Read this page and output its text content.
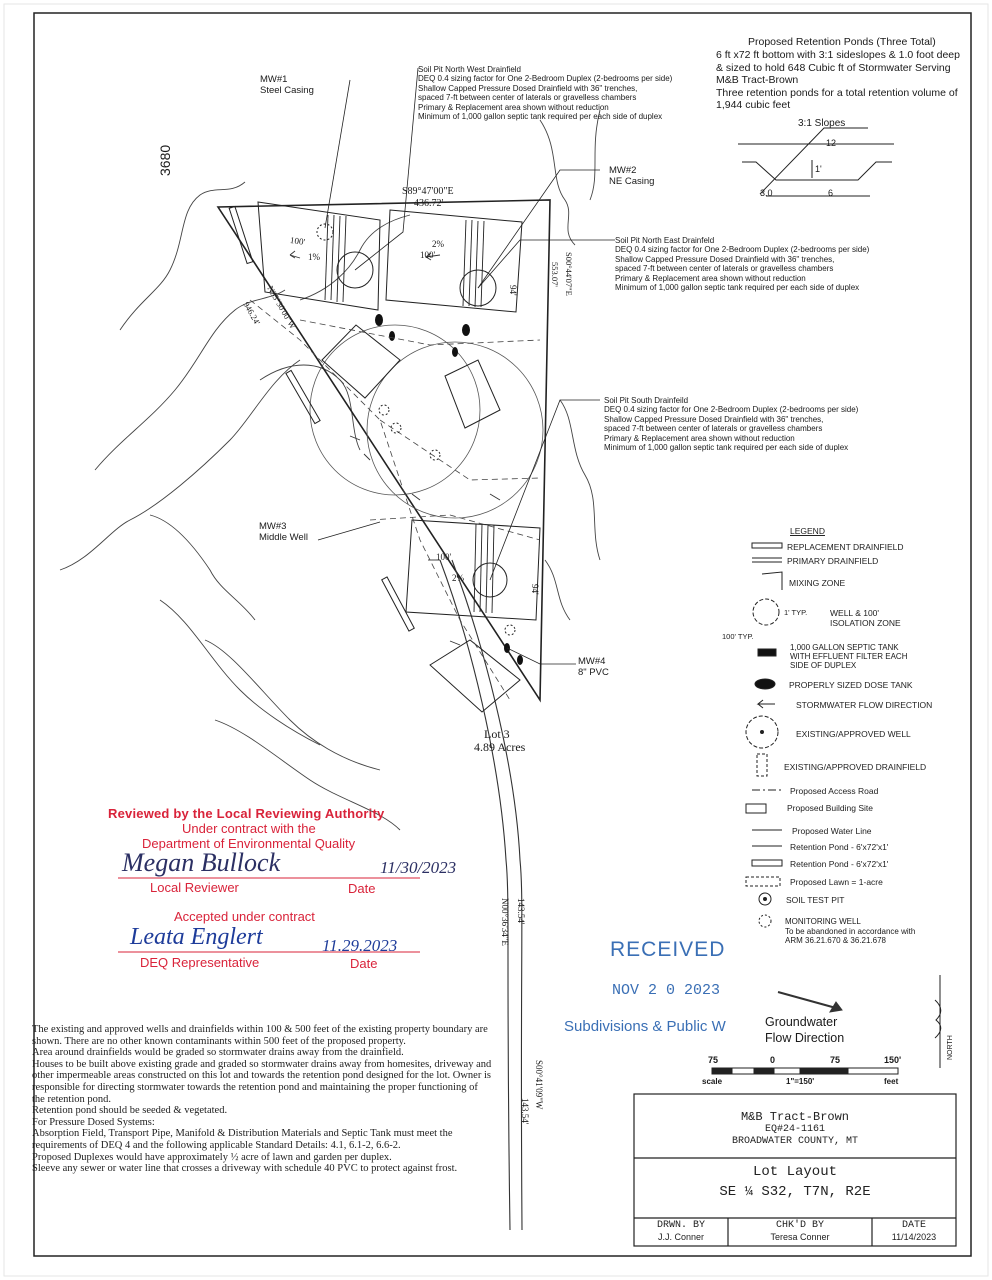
3680
Proposed Retention Ponds (Three Total)
6 ft x72 ft bottom with 3:1 sideslopes & 1.0 foot deep
& sized to hold 648 Cubic ft of Stormwater Serving
M&B Tract-Brown
Three retention ponds for a total retention volume of
1,944 cubic feet
3:1 Slopes
12
1'
3.0	6
MW#1
Steel Casing
MW#2
NE Casing
MW#3
Middle Well
MW#4
8" PVC
Soil Pit North West Drainfield
DEQ 0.4 sizing factor for One 2-Bedroom Duplex (2-bedrooms per side)
Shallow Capped Pressure Dosed Drainfield with 36" trenches,
spaced 7-ft between center of laterals or gravelless chambers
Primary & Replacement area shown without reduction
Minimum of 1,000 gallon septic tank required per each side of duplex
Soil Pit North East Drainfeld
DEQ 0.4 sizing factor for One 2-Bedroom Duplex (2-bedrooms per side)
Shallow Capped Pressure Dosed Drainfield with 36" trenches,
spaced 7-ft between center of laterals or gravelless chambers
Primary & Replacement area shown without reduction
Minimum of 1,000 gallon septic tank required per each side of duplex
Soil Pit South Drainfeild
DEQ 0.4 sizing factor for One 2-Bedroom Duplex (2-bedrooms per side)
Shallow Capped Pressure Dosed Drainfield with 36" trenches,
spaced 7-ft between center of laterals or gravelless chambers
Primary & Replacement area shown without reduction
Minimum of 1,000 gallon septic tank required per each side of duplex
S89°47'00"E
436.72'
N35°30'00"W
946.24'
S00°44'07"E
553.07'
N00°36'34"E 143.54'
S00°41'09"W
143.54'
Lot 3
4.89 Acres
100'
1%	100'
2%
100'
2%
94'
94'
LEGEND
REPLACEMENT DRAINFIELD
PRIMARY DRAINFIELD
MIXING ZONE
1' TYP.	WELL & 100' ISOLATION ZONE
100' TYP.
1,000 GALLON SEPTIC TANK
WITH EFFLUENT FILTER EACH
SIDE OF DUPLEX
PROPERLY SIZED DOSE TANK
STORMWATER FLOW DIRECTION
EXISTING/APPROVED WELL
EXISTING/APPROVED DRAINFIELD
Proposed Access Road
Proposed Building Site
Proposed Water Line
Retention Pond - 6'x72'x1'
Retention Pond - 6'x72'x1'
Proposed Lawn = 1-acre
SOIL TEST PIT
MONITORING WELL
To be abandoned in accordance with
ARM 36.21.670 & 36.21.678
Reviewed by the Local Reviewing Authority
Under contract with the
Department of Environmental Quality
Megan Bullock	11/30/2023
Local Reviewer	Date
Accepted under contract
Leata Englert	11.29.2023
DEQ Representative	Date
RECEIVED
NOV 2 0 2023
Subdivisions & Public W	Groundwater
Flow Direction
75	0	75	150'
scale	1"=150'	feet
NORTH
The existing and approved wells and drainfields within 100 & 500 feet of the existing property boundary are shown. There are no other known contaminants within 500 feet of the proposed property.
Area around drainfields would be graded so stormwater drains away from the drainfield.
Houses to be built above existing grade and graded so stormwater drains away from homesites, driveway and other impermeable areas constructed on this lot and towards the retention pond designed for the lot. Owner is responsible for directing stormwater towards the retention pond and maintaining the proper functioning of the retention pond.
Retention pond should be seeded & vegetated.
For Pressure Dosed Systems:
Absorption Field, Transport Pipe, Manifold & Distribution Materials and Septic Tank must meet the requirements of DEQ 4 and the following applicable Standard Details: 4.1, 6.1-2, 6.6-2.
Proposed Duplexes would have approximately ½ acre of lawn and garden per duplex.
Sleeve any sewer or water line that crosses a driveway with schedule 40 PVC to protect against frost.
M&B Tract-Brown
EQ#24-1161
BROADWATER COUNTY, MT
Lot Layout
SE ¼ S32, T7N, R2E
DRWN. BY
J.J. Conner
CHK'D BY
Teresa Conner
DATE
11/14/2023
